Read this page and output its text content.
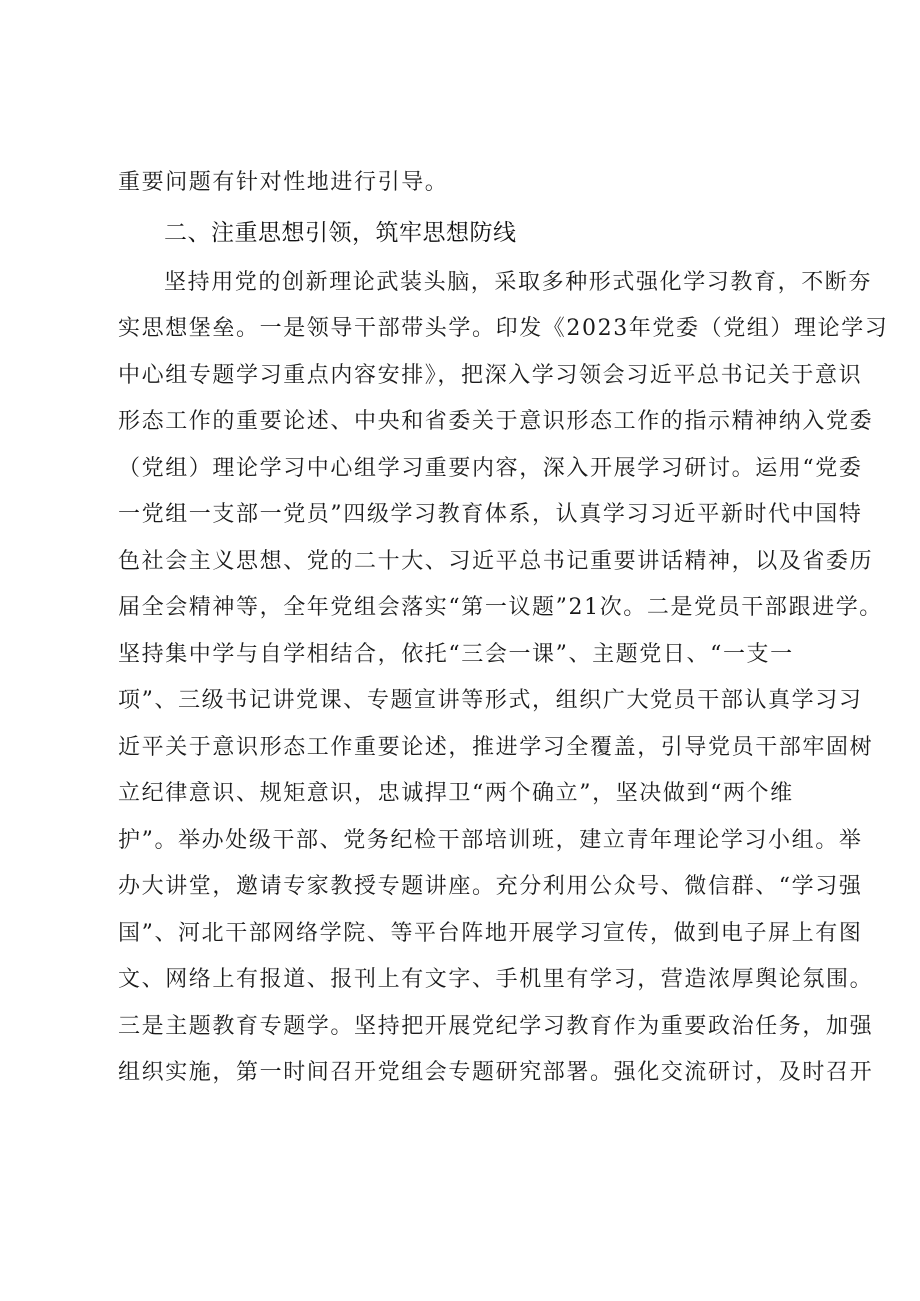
重要问题有针对性地进行引导。
二、注重思想引领，筑牢思想防线
坚持用党的创新理论武装头脑，采取多种形式强化学习教育，不断夯
实思想堡垒。一是领导干部带头学。印发《2023年党委（党组）理论学习
中心组专题学习重点内容安排》，把深入学习领会习近平总书记关于意识
形态工作的重要论述、中央和省委关于意识形态工作的指示精神纳入党委
（党组）理论学习中心组学习重要内容，深入开展学习研讨。运用“党委
一党组一支部一党员”四级学习教育体系，认真学习习近平新时代中国特
色社会主义思想、党的二十大、习近平总书记重要讲话精神，以及省委历
届全会精神等，全年党组会落实“第一议题”21次。二是党员干部跟进学。
坚持集中学与自学相结合，依托“三会一课”、主题党日、“一支一
项”、三级书记讲党课、专题宣讲等形式，组织广大党员干部认真学习习
近平关于意识形态工作重要论述，推进学习全覆盖，引导党员干部牢固树
立纪律意识、规矩意识，忠诚捍卫“两个确立”，坚决做到“两个维
护”。举办处级干部、党务纪检干部培训班，建立青年理论学习小组。举
办大讲堂，邀请专家教授专题讲座。充分利用公众号、微信群、“学习强
国”、河北干部网络学院、等平台阵地开展学习宣传，做到电子屏上有图
文、网络上有报道、报刊上有文字、手机里有学习，营造浓厚舆论氛围。
三是主题教育专题学。坚持把开展党纪学习教育作为重要政治任务，加强
组织实施，第一时间召开党组会专题研究部署。强化交流研讨，及时召开
